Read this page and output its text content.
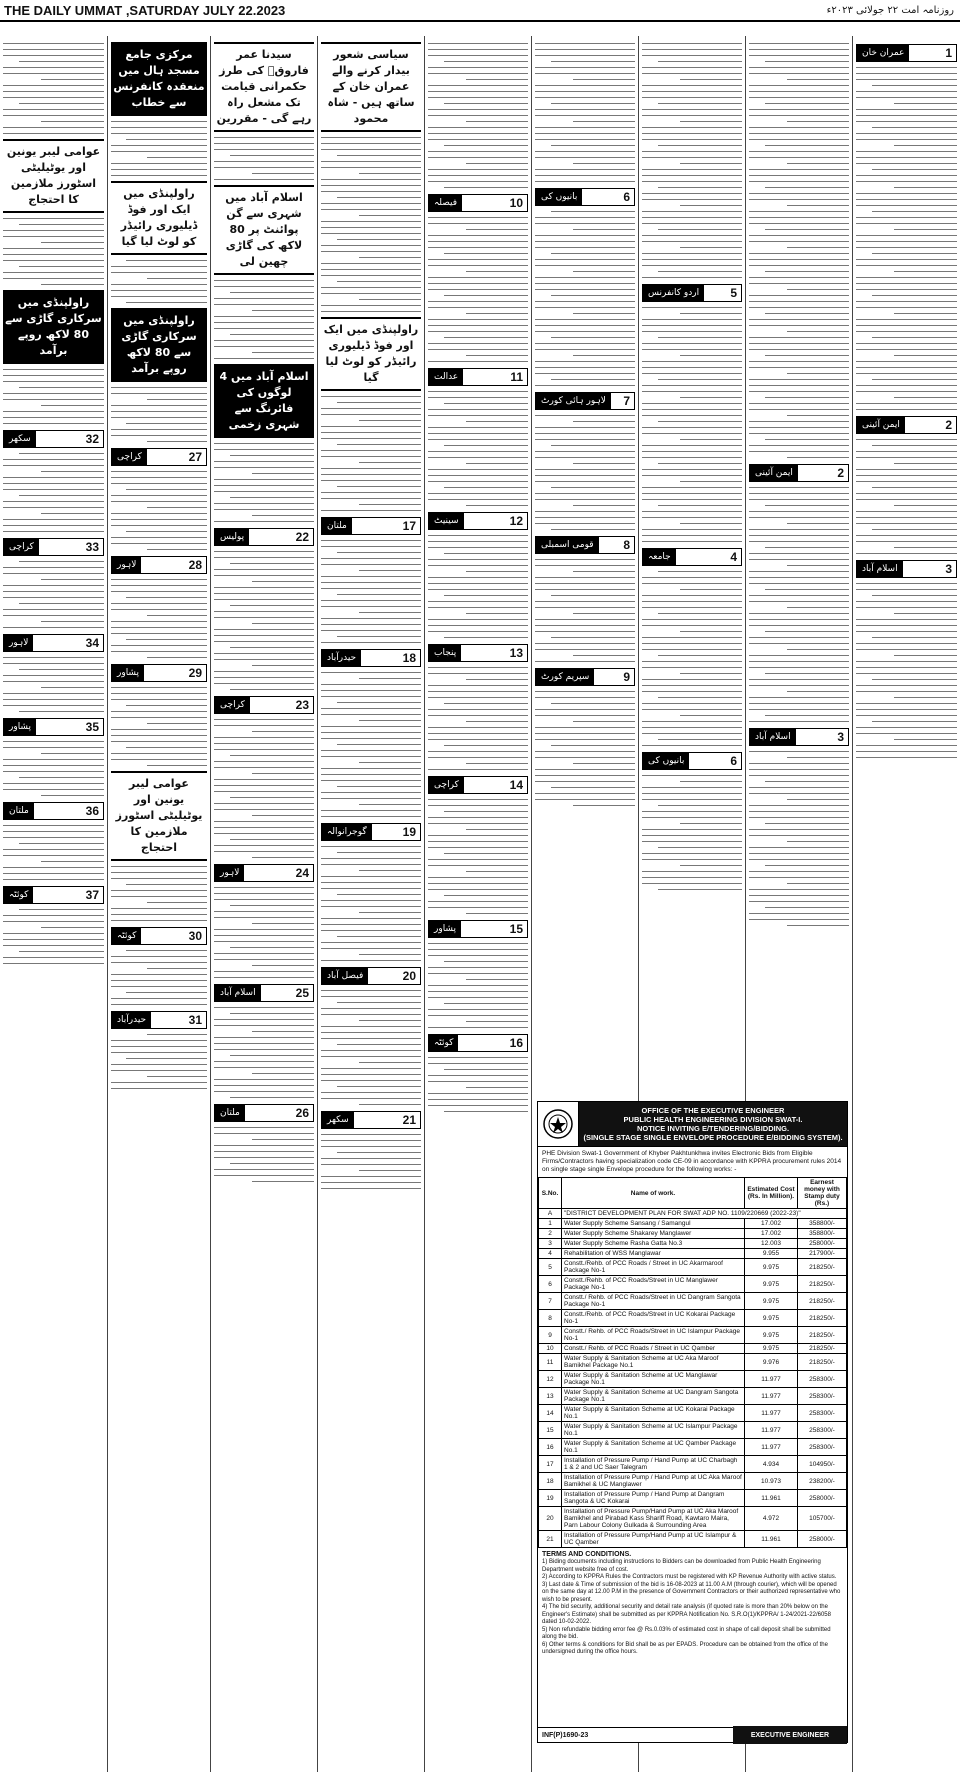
THE DAILY UMMAT ,SATURDAY JULY 22.2023	روزنامہ امت ۲۲ جولائی ۲۰۲۳ء
عوامی لیبر یونین اور یوٹیلیٹی اسٹورز ملازمین کا احتجاج
راولپنڈی میں سرکاری گاڑی سے 80 لاکھ روپے برآمد
سکھر	32
کراچی	33
لاہور	34
پشاور	35
ملتان	36
کوئٹہ	37
مرکزی جامع مسجد ہال میں منعقدہ کانفرنس سے خطاب
راولپنڈی میں ایک اور فوڈ ڈیلیوری رائیڈر کو لوٹ لیا گیا
راولپنڈی میں سرکاری گاڑی سے 80 لاکھ روپے برآمد
کراچی	27
لاہور	28
پشاور	29
عوامی لیبر یونین اور یوٹیلیٹی اسٹورز ملازمین کا احتجاج
کوئٹہ	30
حیدرآباد	31
سیدنا عمر فاروقؓ کی طرز حکمرانی قیامت تک مشعل راہ رہے گی - مقررین
اسلام آباد میں شہری سے گن پوائنٹ پر 80 لاکھ کی گاڑی چھین لی
اسلام آباد میں 4 لوگوں کی فائرنگ سے شہری زخمی
پولیس	22
کراچی	23
لاہور	24
اسلام آباد	25
ملتان	26
سیاسی شعور بیدار کرنے والے عمران خان کے ساتھ ہیں - شاہ محمود
راولپنڈی میں ایک اور فوڈ ڈیلیوری رائیڈر کو لوٹ لیا گیا
ملتان	17
حیدرآباد	18
گوجرانوالہ	19
فیصل آباد	20
سکھر	21
فیصلہ	10
عدالت	11
سینیٹ	12
پنجاب	13
کراچی	14
پشاور	15
کوئٹہ	16
بانیوں کی	6
لاہور ہائی کورٹ	7
قومی اسمبلی	8
سپریم کورٹ	9
اردو کانفرنس	5
جامعہ	4
بانیوں کی	6
ایمن آئینی	2
اسلام آباد	3
عمران خان	1
ایمن آئینی	2
اسلام آباد	3
OFFICE OF THE EXECUTIVE ENGINEER
PUBLIC HEALTH ENGINEERING DIVISION SWAT-I.
NOTICE INVITING E/TENDERING/BIDDING.
(SINGLE STAGE SINGLE ENVELOPE PROCEDURE E/BIDDING SYSTEM).
PHE Division Swat-1 Government of Khyber Pakhtunkhwa invites Electronic Bids from Eligible Firms/Contractors having specialization code CE-09 in accordance with KPPRA procurement rules 2014 on single stage single Envelope procedure for the following works: -
S.No.	Name of work.	Estimated Cost (Rs. In Million).	Earnest money with Stamp duty (Rs.)
A	"DISTRICT DEVELOPMENT PLAN FOR SWAT ADP NO. 1109/220669 (2022-23)"		
1	Water Supply Scheme Sansang / Samangul	17.002	358800/-
2	Water Supply Scheme Shakarey Manglawer	17.002	358800/-
3	Water Supply Scheme Rasha Gatta No.3	12.003	258000/-
4	Rehabilitation of WSS Manglawar	9.955	217900/-
5	Constt./Rehb. of PCC Roads / Street in UC Akarmaroof Package No-1	9.975	218250/-
6	Constt./Rehb. of PCC Roads/Street in UC Manglawer Package No-1	9.975	218250/-
7	Constt./ Rehb. of PCC Roads/Street in UC Dangram Sangota Package No-1	9.975	218250/-
8	Constt./Rehb. of PCC Roads/Street in UC Kokarai Package No-1	9.975	218250/-
9	Constt./ Rehb. of PCC Roads/Street in UC Islampur Package No-1	9.975	218250/-
10	Constt./ Rehb. of PCC Roads / Street in UC Qamber	9.975	218250/-
11	Water Supply & Sanitation Scheme at UC Aka Maroof Bamikhel Package No.1	9.976	218250/-
12	Water Supply & Sanitation Scheme at UC Manglawar Package No.1	11.977	258300/-
13	Water Supply & Sanitation Scheme at UC Dangram Sangota Package No.1	11.977	258300/-
14	Water Supply & Sanitation Scheme at UC Kokarai Package No.1	11.977	258300/-
15	Water Supply & Sanitation Scheme at UC Islampur Package No.1	11.977	258300/-
16	Water Supply & Sanitation Scheme at UC Qamber Package No.1	11.977	258300/-
17	Installation of Pressure Pump / Hand Pump at UC Charbagh 1 & 2 and UC Saer Talegram	4.934	104950/-
18	Installation of Pressure Pump / Hand Pump at UC Aka Maroof Bamikhel & UC Manglawer	10.973	238200/-
19	Installation of Pressure Pump / Hand Pump at Dangram Sangota & UC Kokarai	11.961	258000/-
20	Installation of Pressure Pump/Hand Pump at UC Aka Maroof Bamikhel and Pirabad Kass Shariff Road, Kawtaro Maira, Parn Labour Colony Gulkada & Surrounding Area	4.972	105700/-
21	Installation of Pressure Pump/Hand Pump at UC Islampur & UC Qamber	11.961	258000/-
TERMS AND CONDITIONS.
1) Biding documents including instructions to Bidders can be downloaded from Public Health Engineering Department website free of cost.
2) According to KPPRA Rules the Contractors must be registered with KP Revenue Authority with active status.
3) Last date & Time of submission of the bid is 16-08-2023 at 11.00 A.M (through courier), which will be opened on the same day at 12.00 P.M in the presence of Government Contractors or their authorized representative who wish to be present.
4) The bid security, additional security and detail rate analysis (if quoted rate is more than 20% below on the Engineer's Estimate) shall be submitted as per KPPRA Notification No. S.R.O(1)/KPPRA/ 1-24/2021-22/6058 dated 10-02-2022.
5) Non refundable bidding error fee @ Rs.0.03% of estimated cost in shape of call deposit shall be submitted along the bid.
6) Other terms & conditions for Bid shall be as per EPADS. Procedure can be obtained from the office of the undersigned during the office hours.
INF(P)1690-23	EXECUTIVE ENGINEER
